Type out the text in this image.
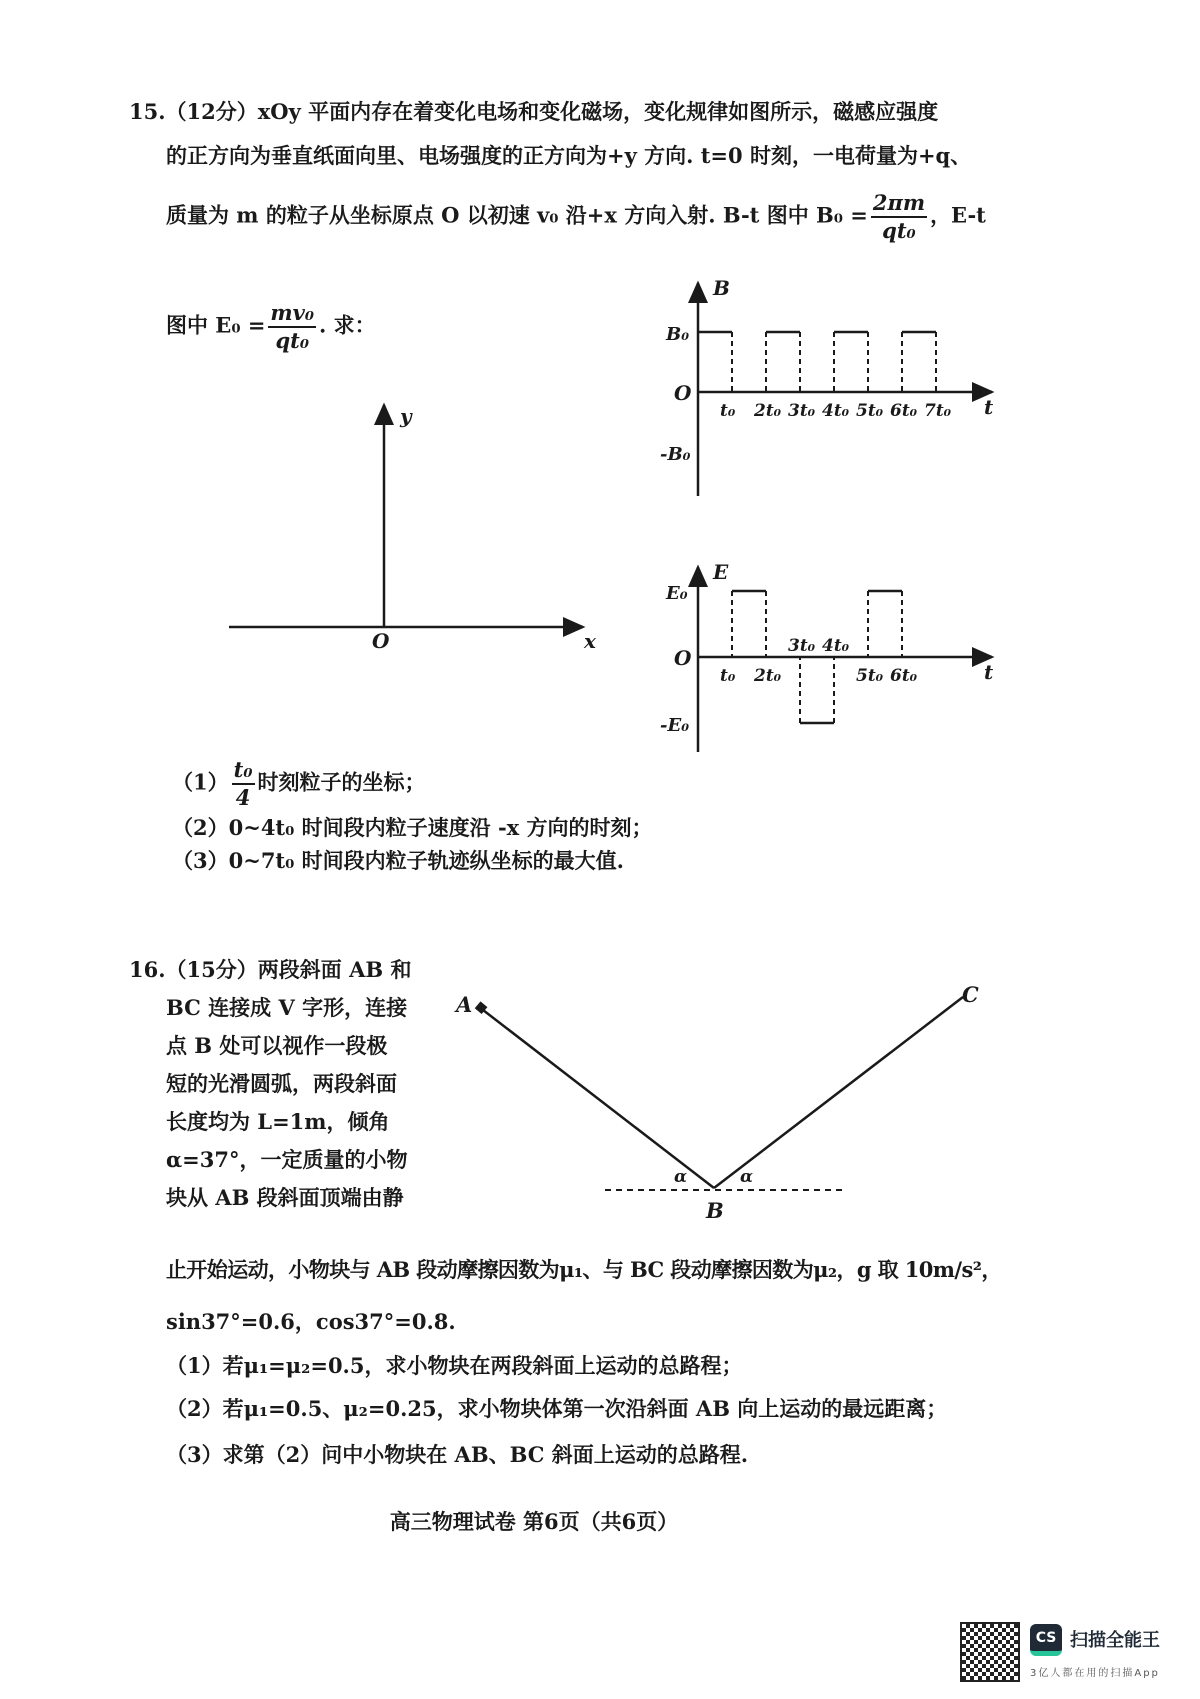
15.（12分）xOy 平面内存在着变化电场和变化磁场，变化规律如图所示，磁感应强度
的正方向为垂直纸面向里、电场强度的正方向为+y 方向. t=0 时刻，一电荷量为+q、
质量为 m 的粒子从坐标原点 O 以初速 v₀ 沿+x 方向入射. B-t 图中 $B_0 = \frac{2\pi m}{\text{qt₀}}$ ，E-t
图中 $E_0 = \frac{\text{mv₀}}{\text{qt₀}}$ . 求：
y
x
O
B
t
O
B₀
-B₀
t₀ 2t₀ 3t₀ 4t₀ 5t₀ 6t₀ 7t₀
E
t
O
E₀
-E₀
t₀ 2t₀	5t₀ 6t₀
3t₀ 4t₀
A
B
C
α	α
$(1) \frac{\text{t₀}}{4}$ 时刻粒子的坐标；
（2）0~4t₀ 时间段内粒子速度沿 -x 方向的时刻；
（3）0~7t₀ 时间段内粒子轨迹纵坐标的最大值.
16.（15分）两段斜面 AB 和
BC 连接成 V 字形，连接
点 B 处可以视作一段极
短的光滑圆弧，两段斜面
长度均为 L=1m，倾角
α=37°，一定质量的小物
块从 AB 段斜面顶端由静
止开始运动，小物块与 AB 段动摩擦因数为μ₁、与 BC 段动摩擦因数为μ₂，g 取 10m/s²，
sin37°=0.6，cos37°=0.8.
（1）若μ₁=μ₂=0.5，求小物块在两段斜面上运动的总路程；
（2）若μ₁=0.5、μ₂=0.25，求小物块体第一次沿斜面 AB 向上运动的最远距离；
（3）求第（2）问中小物块在 AB、BC 斜面上运动的总路程.
高三物理试卷 第6页（共6页）
CS 扫描全能王
3亿人都在用的扫描App
